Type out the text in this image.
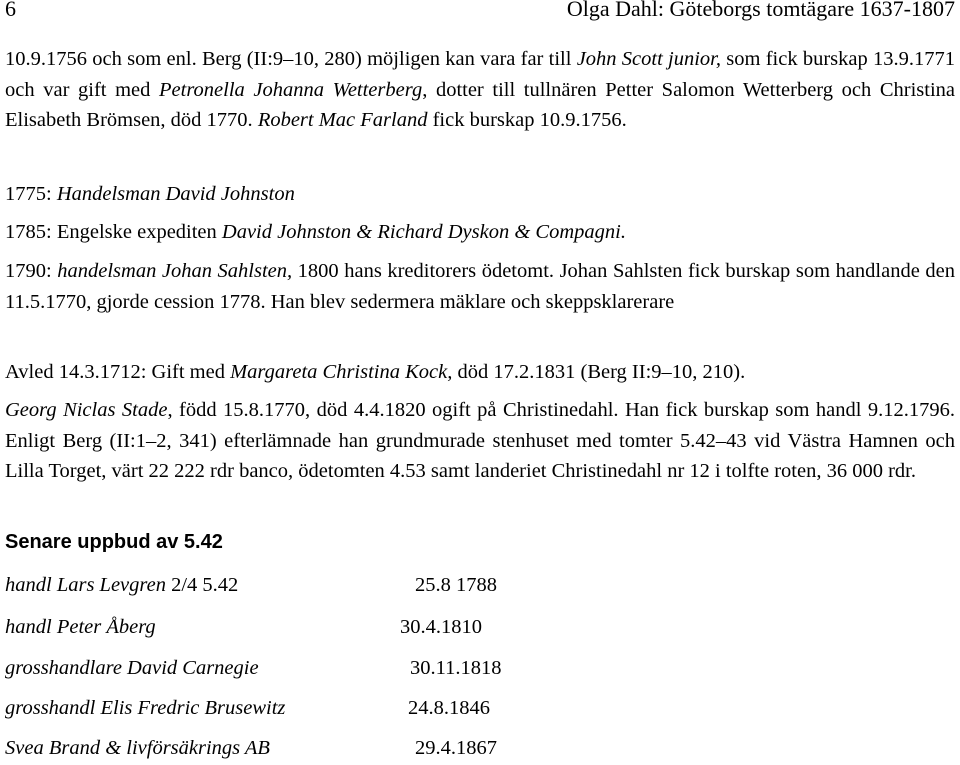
6	Olga Dahl: Göteborgs tomtägare 1637-1807

10.9.1756 och som enl. Berg (II:9–10, 280) möjligen kan vara far till John Scott junior, som fick burskap 13.9.1771 och var gift med Petronella Johanna Wetterberg, dotter till tullnären Petter Salomon Wetterberg och Christina Elisabeth Brömsen, död 1770. Robert Mac Farland fick burskap 10.9.1756.

1775: Handelsman David Johnston

1785: Engelske expediten David Johnston & Richard Dyskon & Compagni.

1790: handelsman Johan Sahlsten, 1800 hans kreditorers ödetomt. Johan Sahlsten fick burskap som handlande den 11.5.1770, gjorde cession 1778. Han blev sedermera mäklare och skeppsklarerare

Avled 14.3.1712: Gift med Margareta Christina Kock, död 17.2.1831 (Berg II:9–10, 210).

Georg Niclas Stade, född 15.8.1770, död 4.4.1820 ogift på Christinedahl. Han fick burskap som handl 9.12.1796. Enligt Berg (II:1–2, 341) efterlämnade han grundmurade stenhuset med tomter 5.42–43 vid Västra Hamnen och Lilla Torget, värt 22 222 rdr banco, ödetomten 4.53 samt landeriet Christinedahl nr 12 i tolfte roten, 36 000 rdr.

Senare uppbud av 5.42
handl Lars Levgren 2/4 5.42	25.8 1788
handl Peter Åberg	30.4.1810
grosshandlare David Carnegie	30.11.1818
grosshandl Elis Fredric Brusewitz	24.8.1846
Svea Brand & livförsäkrings AB	29.4.1867
